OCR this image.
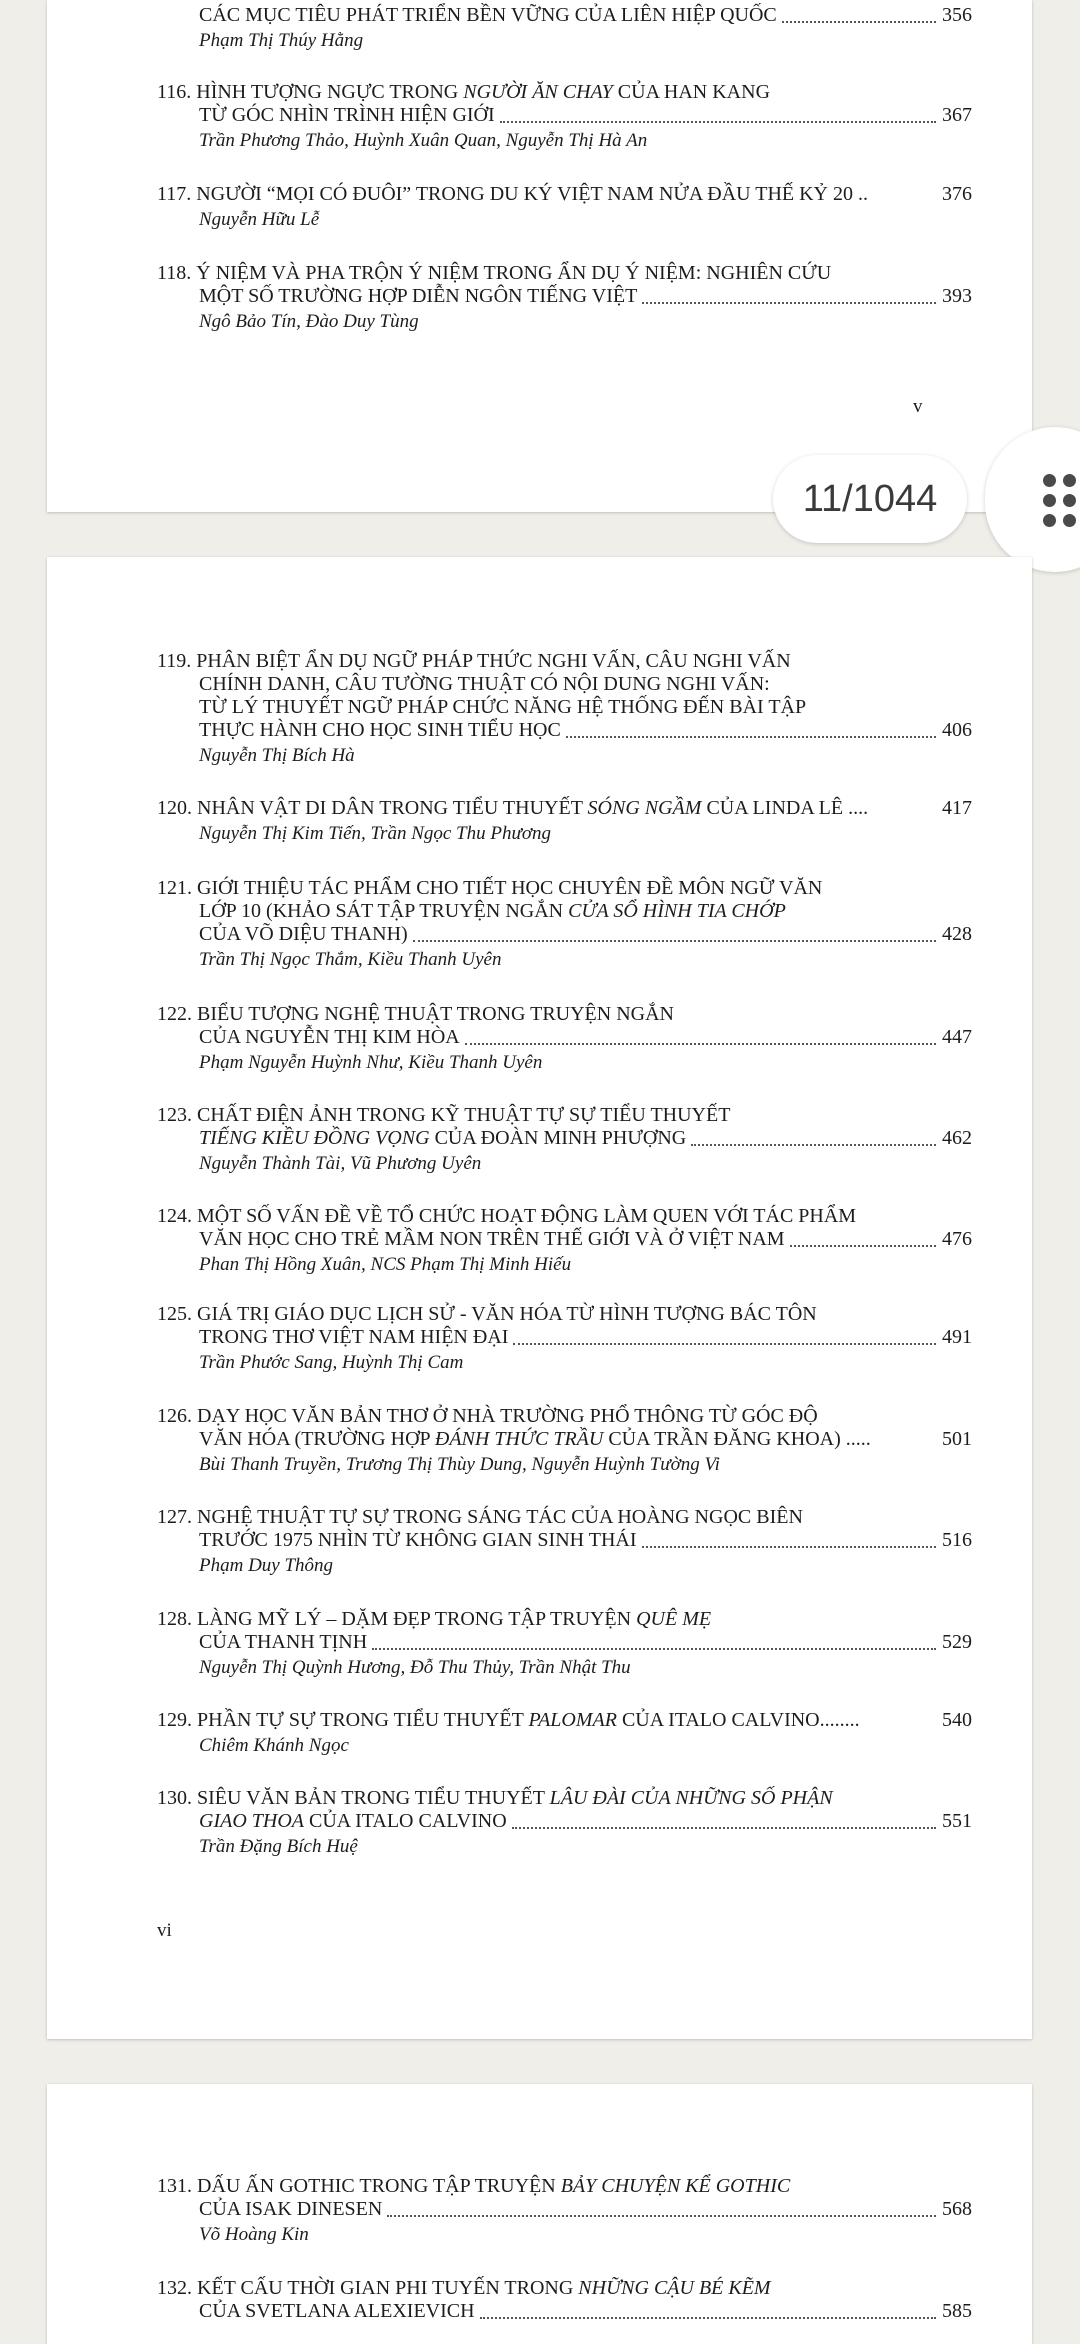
CÁC MỤC TIÊU PHÁT TRIỂN BỀN VỮNG CỦA LIÊN HIỆP QUỐC	356
Phạm Thị Thúy Hằng
116. HÌNH TƯỢNG NGỰC TRONG NGƯỜI ĂN CHAY CỦA HAN KANG
TỪ GÓC NHÌN TRÌNH HIỆN GIỚI	367
Trần Phương Thảo, Huỳnh Xuân Quan, Nguyễn Thị Hà An
117. NGƯỜI “MỌI CÓ ĐUÔI” TRONG DU KÝ VIỆT NAM NỬA ĐẦU THẾ KỶ 20 ..	376
Nguyễn Hữu Lễ
118. Ý NIỆM VÀ PHA TRỘN Ý NIỆM TRONG ẨN DỤ Ý NIỆM: NGHIÊN CỨU
MỘT SỐ TRƯỜNG HỢP DIỄN NGÔN TIẾNG VIỆT	393
Ngô Bảo Tín, Đào Duy Tùng
v
11/1044
119. PHÂN BIỆT ẨN DỤ NGỮ PHÁP THỨC NGHI VẤN, CÂU NGHI VẤN
CHÍNH DANH, CÂU TƯỜNG THUẬT CÓ NỘI DUNG NGHI VẤN:
TỪ LÝ THUYẾT NGỮ PHÁP CHỨC NĂNG HỆ THỐNG ĐẾN BÀI TẬP
THỰC HÀNH CHO HỌC SINH TIỂU HỌC	406
Nguyễn Thị Bích Hà
120. NHÂN VẬT DI DÂN TRONG TIỂU THUYẾT SÓNG NGẦM CỦA LINDA LÊ ....	417
Nguyễn Thị Kim Tiến, Trần Ngọc Thu Phương
121. GIỚI THIỆU TÁC PHẨM CHO TIẾT HỌC CHUYÊN ĐỀ MÔN NGỮ VĂN
LỚP 10 (KHẢO SÁT TẬP TRUYỆN NGẮN CỬA SỔ HÌNH TIA CHỚP
CỦA VÕ DIỆU THANH)	428
Trần Thị Ngọc Thắm, Kiều Thanh Uyên
122. BIỂU TƯỢNG NGHỆ THUẬT TRONG TRUYỆN NGẮN
CỦA NGUYỄN THỊ KIM HÒA	447
Phạm Nguyễn Huỳnh Như, Kiều Thanh Uyên
123. CHẤT ĐIỆN ẢNH TRONG KỸ THUẬT TỰ SỰ TIỂU THUYẾT
TIẾNG KIỀU ĐỒNG VỌNG CỦA ĐOÀN MINH PHƯỢNG	462
Nguyễn Thành Tài, Vũ Phương Uyên
124. MỘT SỐ VẤN ĐỀ VỀ TỔ CHỨC HOẠT ĐỘNG LÀM QUEN VỚI TÁC PHẨM
VĂN HỌC CHO TRẺ MẦM NON TRÊN THẾ GIỚI VÀ Ở VIỆT NAM	476
Phan Thị Hồng Xuân, NCS Phạm Thị Minh Hiếu
125. GIÁ TRỊ GIÁO DỤC LỊCH SỬ - VĂN HÓA TỪ HÌNH TƯỢNG BÁC TÔN
TRONG THƠ VIỆT NAM HIỆN ĐẠI	491
Trần Phước Sang, Huỳnh Thị Cam
126. DẠY HỌC VĂN BẢN THƠ Ở NHÀ TRƯỜNG PHỔ THÔNG TỪ GÓC ĐỘ
VĂN HÓA (TRƯỜNG HỢP ĐÁNH THỨC TRẦU CỦA TRẦN ĐĂNG KHOA) .....	501
Bùi Thanh Truyền, Trương Thị Thùy Dung, Nguyễn Huỳnh Tường Vi
127. NGHỆ THUẬT TỰ SỰ TRONG SÁNG TÁC CỦA HOÀNG NGỌC BIÊN
TRƯỚC 1975 NHÌN TỪ KHÔNG GIAN SINH THÁI	516
Phạm Duy Thông
128. LÀNG MỸ LÝ – DẶM ĐẸP TRONG TẬP TRUYỆN QUÊ MẸ
CỦA THANH TỊNH	529
Nguyễn Thị Quỳnh Hương, Đỗ Thu Thủy, Trần Nhật Thu
129. PHẦN TỰ SỰ TRONG TIỂU THUYẾT PALOMAR CỦA ITALO CALVINO........	540
Chiêm Khánh Ngọc
130. SIÊU VĂN BẢN TRONG TIỂU THUYẾT LÂU ĐÀI CỦA NHỮNG SỐ PHẬN
GIAO THOA CỦA ITALO CALVINO	551
Trần Đặng Bích Huệ
vi
131. DẤU ẤN GOTHIC TRONG TẬP TRUYỆN BẢY CHUYỆN KỂ GOTHIC
CỦA ISAK DINESEN	568
Võ Hoàng Kin
132. KẾT CẤU THỜI GIAN PHI TUYẾN TRONG NHỮNG CẬU BÉ KẼM
CỦA SVETLANA ALEXIEVICH	585
